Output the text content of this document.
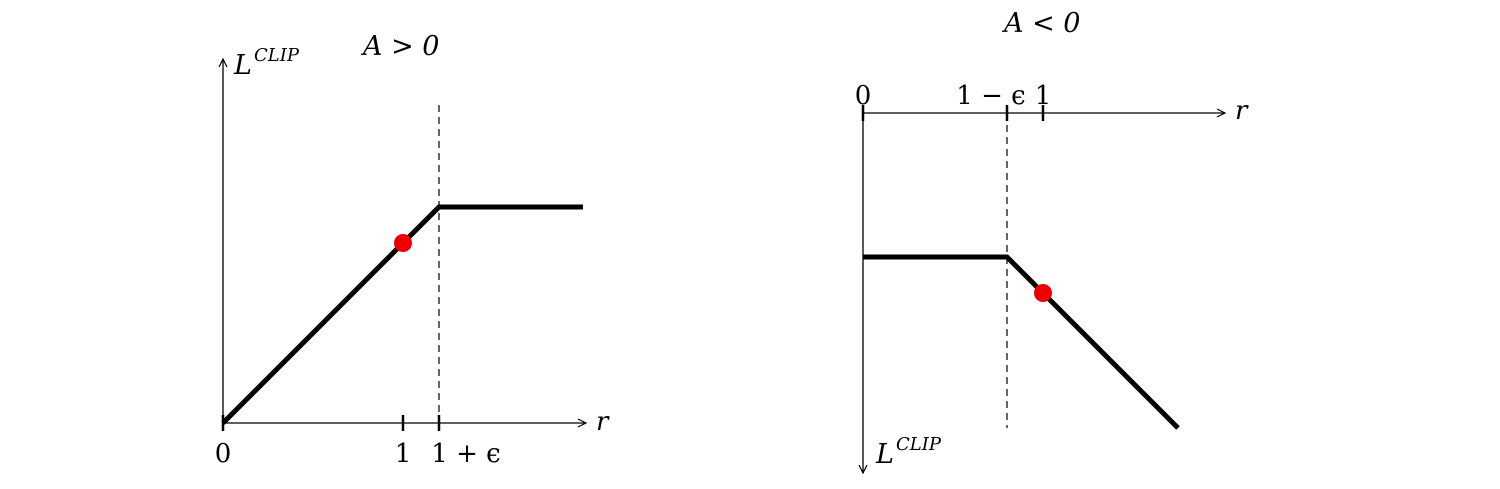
A > 0
L CLIP
r
0	1 1 + ϵ
A < 0
L CLIP
r
0	1 − ϵ 1
